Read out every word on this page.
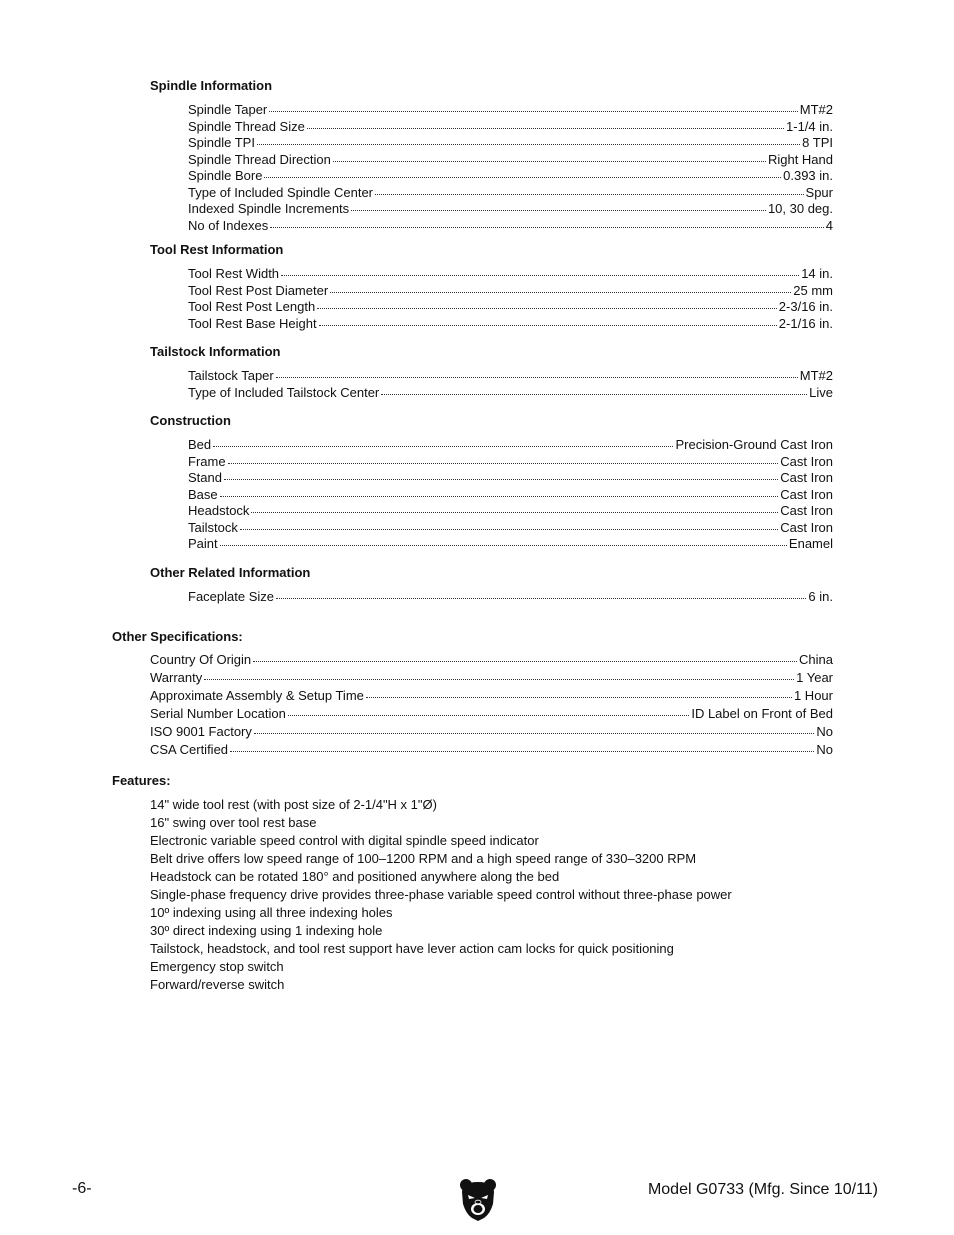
Spindle Information
Spindle Taper	MT#2
Spindle Thread Size	1-1/4 in.
Spindle TPI	8 TPI
Spindle Thread Direction	Right Hand
Spindle Bore	0.393 in.
Type of Included Spindle Center	Spur
Indexed Spindle Increments	10, 30 deg.
No of Indexes	4
Tool Rest Information
Tool Rest Width	14 in.
Tool Rest Post Diameter	25 mm
Tool Rest Post Length	2-3/16 in.
Tool Rest Base Height	2-1/16 in.
Tailstock Information
Tailstock Taper	MT#2
Type of Included Tailstock Center	Live
Construction
Bed	Precision-Ground Cast Iron
Frame	Cast Iron
Stand	Cast Iron
Base	Cast Iron
Headstock	Cast Iron
Tailstock	Cast Iron
Paint	Enamel
Other Related Information
Faceplate Size	6 in.
Other Specifications:
Country Of Origin	China
Warranty	1 Year
Approximate Assembly & Setup Time	1 Hour
Serial Number Location	ID Label on Front of Bed
ISO 9001 Factory	No
CSA Certified	No
Features:
14" wide tool rest (with post size of 2-1/4"H x 1"Ø)
16" swing over tool rest base
Electronic variable speed control with digital spindle speed indicator
Belt drive offers low speed range of 100–1200 RPM and a high speed range of 330–3200 RPM
Headstock can be rotated 180° and positioned anywhere along the bed
Single-phase frequency drive provides three-phase variable speed control without three-phase power
10º indexing using all three indexing holes
30º direct indexing using 1 indexing hole
Tailstock, headstock, and tool rest support have lever action cam locks for quick positioning
Emergency stop switch
Forward/reverse switch
-6-	Model G0733 (Mfg. Since 10/11)
